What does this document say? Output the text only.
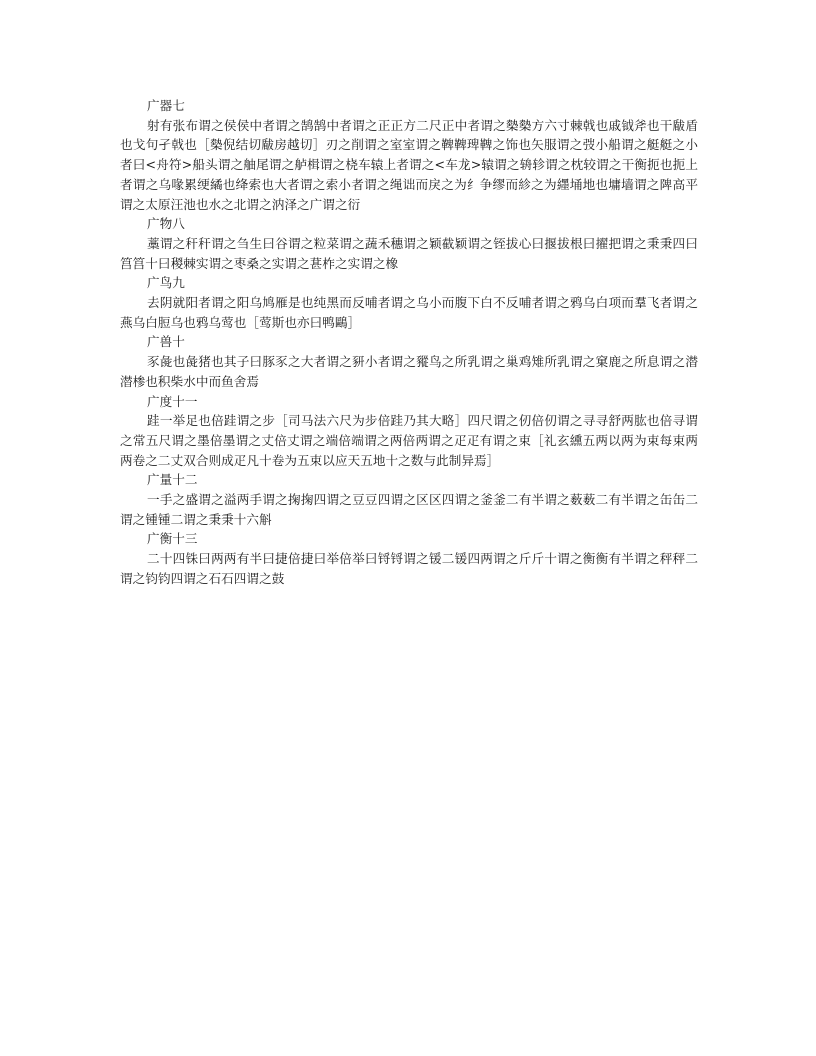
广器七

射有张布谓之侯侯中者谓之鹄鹄中者谓之正正方二尺正中者谓之槷槷方六寸棘戟也戚钺斧也干瞂盾也戈句孑戟也［槷倪结切瞂房越切］刃之削谓之室室谓之鞞鞞琕鞞之饰也矢服谓之弢小船谓之艇艇之小者曰<舟符>船头谓之舳尾谓之舻楫谓之桡车辕上者谓之<车龙>辕谓之辀轸谓之枕较谓之干衡扼也扼上者谓之乌喙累绠繘也绛索也大者谓之索小者谓之绳诎而戾之为纟争缪而紾之为纆埇地也墉墙谓之陴高平谓之太原汪池也水之北谓之汭泽之广谓之衍

广物八

藁谓之秆秆谓之刍生曰谷谓之粒菜谓之蔬禾穗谓之颖截颖谓之铚拔心曰揠拔根曰擢把谓之秉秉四曰筥筥十曰稯棘实谓之枣桑之实谓之葚柞之实谓之橡

广鸟九

去阴就阳者谓之阳乌鸠雁是也纯黑而反哺者谓之乌小而腹下白不反哺者谓之鸦乌白项而羣飞者谓之燕乌白脰乌也鸦乌莺也［莺斯也亦曰鸭鷗］

广兽十

豕彘也彘猪也其子曰豚豕之大者谓之豜小者谓之豵鸟之所乳谓之巢鸡雉所乳谓之窠鹿之所息谓之潜潜椮也积柴水中而鱼舍焉

广度十一

跬一举足也倍跬谓之步［司马法六尺为步倍跬乃其大略］四尺谓之仞倍仞谓之寻寻舒两肱也倍寻谓之常五尺谓之墨倍墨谓之丈倍丈谓之端倍端谓之两倍两谓之疋疋有谓之束［礼玄纁五两以两为束每束两两卷之二丈双合则成疋凡十卷为五束以应天五地十之数与此制异焉］

广量十二

一手之盛谓之溢两手谓之掬掬四谓之豆豆四谓之区区四谓之釜釜二有半谓之薮薮二有半谓之缶缶二谓之锺锺二谓之秉秉十六斛

广衡十三

二十四铢曰两两有半曰捷倍捷曰举倍举曰锊锊谓之锾二锾四两谓之斤斤十谓之衡衡有半谓之秤秤二谓之钧钧四谓之石石四谓之鼓
